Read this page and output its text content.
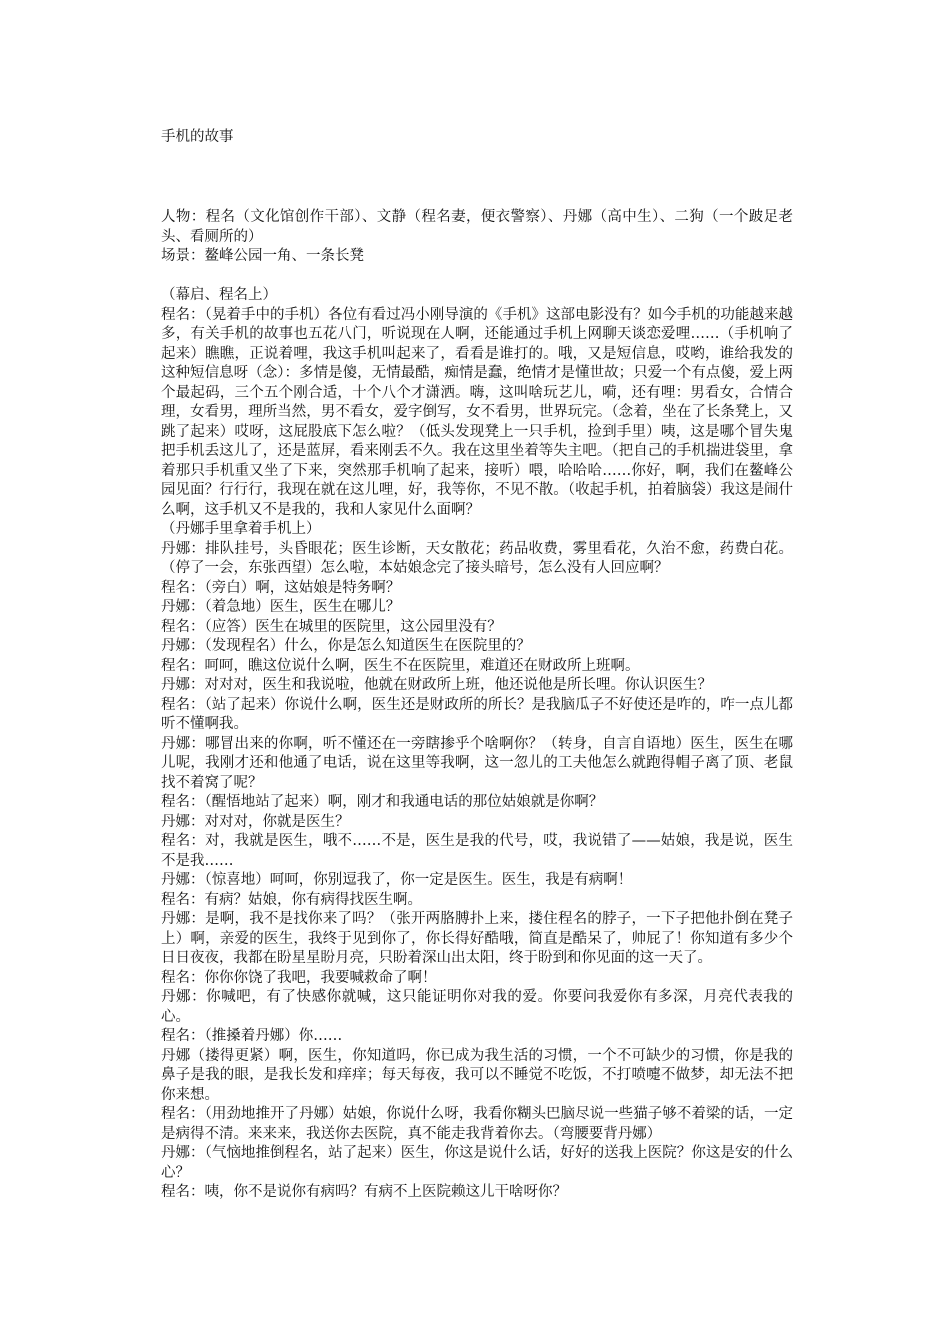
手机的故事

人物：程名（文化馆创作干部）、文静（程名妻，便衣警察）、丹娜（高中生）、二狗（一个跛足老头、看厕所的）

场景：鳌峰公园一角、一条长凳

（幕启、程名上）

程名：（晃着手中的手机）各位有看过冯小刚导演的《手机》这部电影没有？如今手机的功能越来越多，有关手机的故事也五花八门，听说现在人啊，还能通过手机上网聊天谈恋爱哩……（手机响了起来）瞧瞧，正说着哩，我这手机叫起来了，看看是谁打的。哦，又是短信息，哎哟，谁给我发的这种短信息呀（念）：多情是傻，无情最酷，痴情是蠢，绝情才是懂世故；只爱一个有点傻，爱上两个最起码，三个五个刚合适，十个八个才潇洒。嗨，这叫啥玩艺儿，嗬，还有哩：男看女，合情合理，女看男，理所当然，男不看女，爱字倒写，女不看男，世界玩完。（念着，坐在了长条凳上，又跳了起来）哎呀，这屁股底下怎么啦？（低头发现凳上一只手机，捡到手里）咦，这是哪个冒失鬼把手机丢这儿了，还是蓝屏，看来刚丢不久。我在这里坐着等失主吧。（把自己的手机揣进袋里，拿着那只手机重又坐了下来，突然那手机响了起来，接听）喂，哈哈哈……你好，啊，我们在鳌峰公园见面？行行行，我现在就在这儿哩，好，我等你，不见不散。（收起手机，拍着脑袋）我这是闹什么啊，这手机又不是我的，我和人家见什么面啊？

（丹娜手里拿着手机上）

丹娜：排队挂号，头昏眼花；医生诊断，天女散花；药品收费，雾里看花，久治不愈，药费白花。（停了一会，东张西望）怎么啦，本姑娘念完了接头暗号，怎么没有人回应啊？

程名：（旁白）啊，这姑娘是特务啊？

丹娜：（着急地）医生，医生在哪儿？

程名：（应答）医生在城里的医院里，这公园里没有？

丹娜：（发现程名）什么，你是怎么知道医生在医院里的？

程名：呵呵，瞧这位说什么啊，医生不在医院里，难道还在财政所上班啊。

丹娜：对对对，医生和我说啦，他就在财政所上班，他还说他是所长哩。你认识医生？

程名：（站了起来）你说什么啊，医生还是财政所的所长？是我脑瓜子不好使还是咋的，咋一点儿都听不懂啊我。

丹娜：哪冒出来的你啊，听不懂还在一旁瞎掺乎个啥啊你？（转身，自言自语地）医生，医生在哪儿呢，我刚才还和他通了电话，说在这里等我啊，这一忽儿的工夫他怎么就跑得帽子离了顶、老鼠找不着窝了呢？

程名：（醒悟地站了起来）啊，刚才和我通电话的那位姑娘就是你啊？

丹娜：对对对，你就是医生？

程名：对，我就是医生，哦不……不是，医生是我的代号，哎，我说错了——姑娘，我是说，医生不是我……

丹娜：（惊喜地）呵呵，你别逗我了，你一定是医生。医生，我是有病啊！

程名：有病？姑娘，你有病得找医生啊。

丹娜：是啊，我不是找你来了吗？（张开两胳膊扑上来，搂住程名的脖子，一下子把他扑倒在凳子上）啊，亲爱的医生，我终于见到你了，你长得好酷哦，简直是酷呆了，帅屁了！你知道有多少个日日夜夜，我都在盼星星盼月亮，只盼着深山出太阳，终于盼到和你见面的这一天了。

程名：你你你饶了我吧，我要喊救命了啊！

丹娜：你喊吧，有了快感你就喊，这只能证明你对我的爱。你要问我爱你有多深，月亮代表我的心。

程名：（推搡着丹娜）你……

丹娜（搂得更紧）啊，医生，你知道吗，你已成为我生活的习惯，一个不可缺少的习惯，你是我的鼻子是我的眼，是我长发和痒痒；每天每夜，我可以不睡觉不吃饭，不打喷嚏不做梦，却无法不把你来想。

程名：（用劲地推开了丹娜）姑娘，你说什么呀，我看你糊头巴脑尽说一些猫子够不着梁的话，一定是病得不清。来来来，我送你去医院，真不能走我背着你去。（弯腰要背丹娜）

丹娜：（气恼地推倒程名，站了起来）医生，你这是说什么话，好好的送我上医院？你这是安的什么心？

程名：咦，你不是说你有病吗？有病不上医院赖这儿干啥呀你？
